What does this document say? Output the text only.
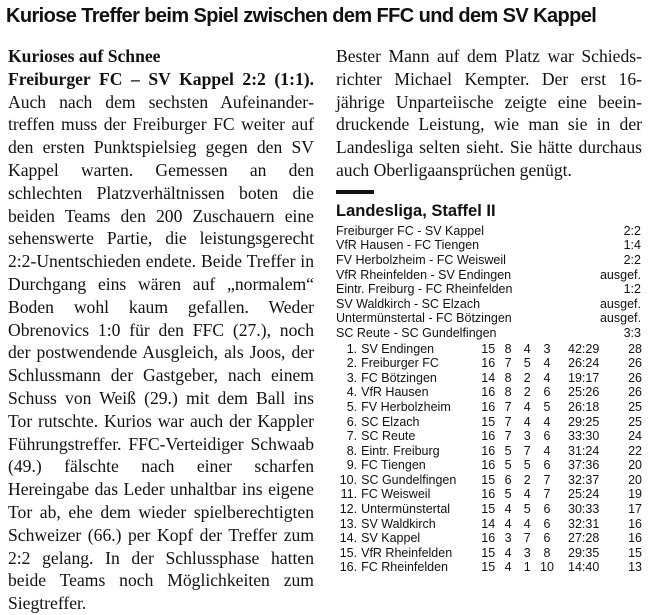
Kuriose Treffer beim Spiel zwischen dem FFC und dem SV Kappel

Kurioses auf Schnee

Freiburger FC – SV Kappel 2:2 (1:1). Auch nach dem sechsten Aufeinandertreffen muss der Freiburger FC weiter auf den ersten Punktspielsieg gegen den SV Kappel warten. Gemessen an den schlechten Platzverhältnissen boten die beiden Teams den 200 Zuschauern eine sehenswerte Partie, die leistungsgerecht 2:2-Unentschieden endete. Beide Treffer in Durchgang eins wären auf „normalem“ Boden wohl kaum gefallen. Weder Obrenovics 1:0 für den FFC (27.), noch der postwendende Ausgleich, als Joos, der Schlussmann der Gastgeber, nach einem Schuss von Weiß (29.) mit dem Ball ins Tor rutschte. Kurios war auch der Kappler Führungstreffer. FFC-Verteidiger Schwaab (49.) fälschte nach einer scharfen Hereingabe das Leder unhaltbar ins eigene Tor ab, ehe dem wieder spielberechtigten Schweizer (66.) per Kopf der Treffer zum 2:2 gelang. In der Schlussphase hatten beide Teams noch Möglichkeiten zum Siegtreffer.

Bester Mann auf dem Platz war Schiedsrichter Michael Kempter. Der erst 16-jährige Unparteiische zeigte eine beeindruckende Leistung, wie man sie in der Landesliga selten sieht. Sie hätte durchaus auch Oberligaansprüchen genügt.

Landesliga, Staffel II
Freiburger FC - SV Kappel	2:2
VfR Hausen - FC Tiengen	1:4
FV Herbolzheim - FC Weisweil	2:2
VfR Rheinfelden - SV Endingen	ausgef.
Eintr. Freiburg - FC Rheinfelden	1:2
SV Waldkirch - SC Elzach	ausgef.
Untermünstertal - FC Bötzingen	ausgef.
SC Reute - SC Gundelfingen	3:3
1.	SV Endingen	15	8	4	3	42:29	28
2.	Freiburger FC	16	7	5	4	26:24	26
3.	FC Bötzingen	14	8	2	4	19:17	26
4.	VfR Hausen	16	8	2	6	25:26	26
5.	FV Herbolzheim	16	7	4	5	26:18	25
6.	SC Elzach	15	7	4	4	29:25	25
7.	SC Reute	16	7	3	6	33:30	24
8.	Eintr. Freiburg	16	5	7	4	31:24	22
9.	FC Tiengen	16	5	5	6	37:36	20
10.	SC Gundelfingen	15	6	2	7	32:37	20
11.	FC Weisweil	16	5	4	7	25:24	19
12.	Untermünstertal	15	4	5	6	30:33	17
13.	SV Waldkirch	14	4	4	6	32:31	16
14.	SV Kappel	16	3	7	6	27:28	16
15.	VfR Rheinfelden	15	4	3	8	29:35	15
16.	FC Rheinfelden	15	4	1	10	14:40	13
